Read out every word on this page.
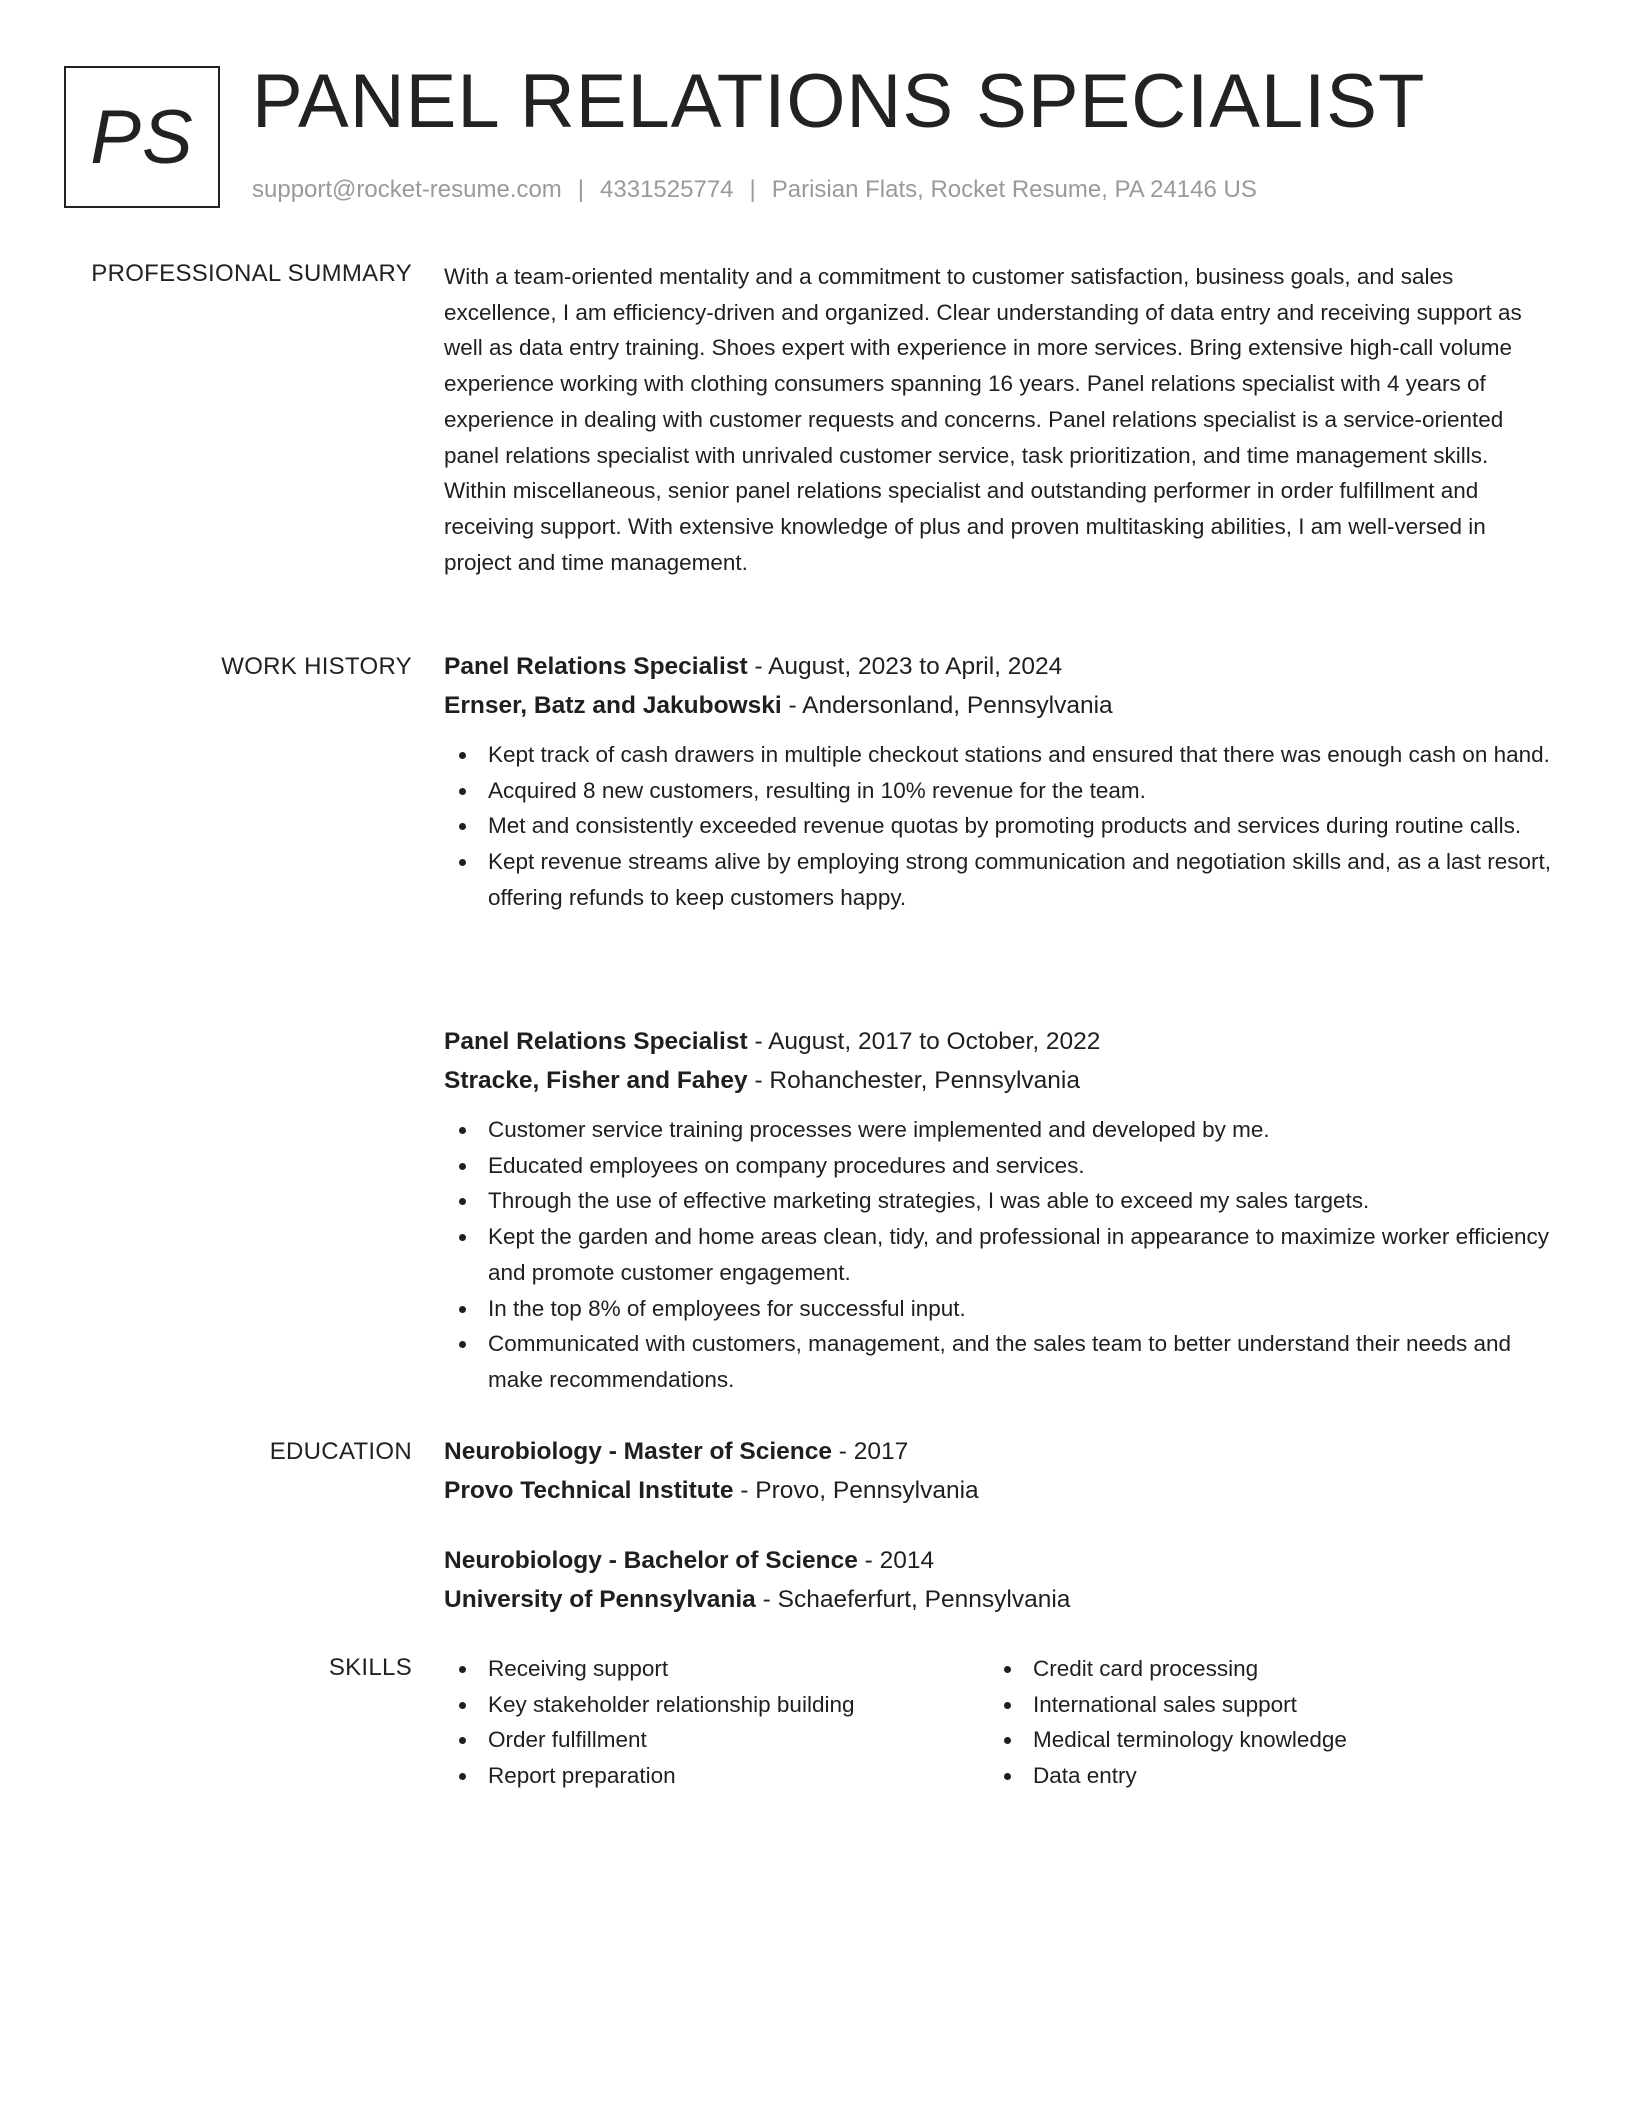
PS PANEL RELATIONS SPECIALIST
support@rocket-resume.com | 4331525774 | Parisian Flats, Rocket Resume, PA 24146 US
PROFESSIONAL SUMMARY With a team-oriented mentality and a commitment to customer satisfaction, business goals, and sales excellence, I am efficiency-driven and organized. Clear understanding of data entry and receiving support as well as data entry training. Shoes expert with experience in more services. Bring extensive high-call volume experience working with clothing consumers spanning 16 years. Panel relations specialist with 4 years of experience in dealing with customer requests and concerns. Panel relations specialist is a service-oriented panel relations specialist with unrivaled customer service, task prioritization, and time management skills. Within miscellaneous, senior panel relations specialist and outstanding performer in order fulfillment and receiving support. With extensive knowledge of plus and proven multitasking abilities, I am well-versed in project and time management.
WORK HISTORY Panel Relations Specialist - August, 2023 to April, 2024
Ernser, Batz and Jakubowski - Andersonland, Pennsylvania
Kept track of cash drawers in multiple checkout stations and ensured that there was enough cash on hand.
Acquired 8 new customers, resulting in 10% revenue for the team.
Met and consistently exceeded revenue quotas by promoting products and services during routine calls.
Kept revenue streams alive by employing strong communication and negotiation skills and, as a last resort, offering refunds to keep customers happy.
Panel Relations Specialist - August, 2017 to October, 2022
Stracke, Fisher and Fahey - Rohanchester, Pennsylvania
Customer service training processes were implemented and developed by me.
Educated employees on company procedures and services.
Through the use of effective marketing strategies, I was able to exceed my sales targets.
Kept the garden and home areas clean, tidy, and professional in appearance to maximize worker efficiency and promote customer engagement.
In the top 8% of employees for successful input.
Communicated with customers, management, and the sales team to better understand their needs and make recommendations.
EDUCATION Neurobiology - Master of Science - 2017
Provo Technical Institute - Provo, Pennsylvania
Neurobiology - Bachelor of Science - 2014
University of Pennsylvania - Schaeferfurt, Pennsylvania
SKILLS	Receiving support
Key stakeholder relationship building
Order fulfillment
Report preparation
Credit card processing
International sales support
Medical terminology knowledge
Data entry
